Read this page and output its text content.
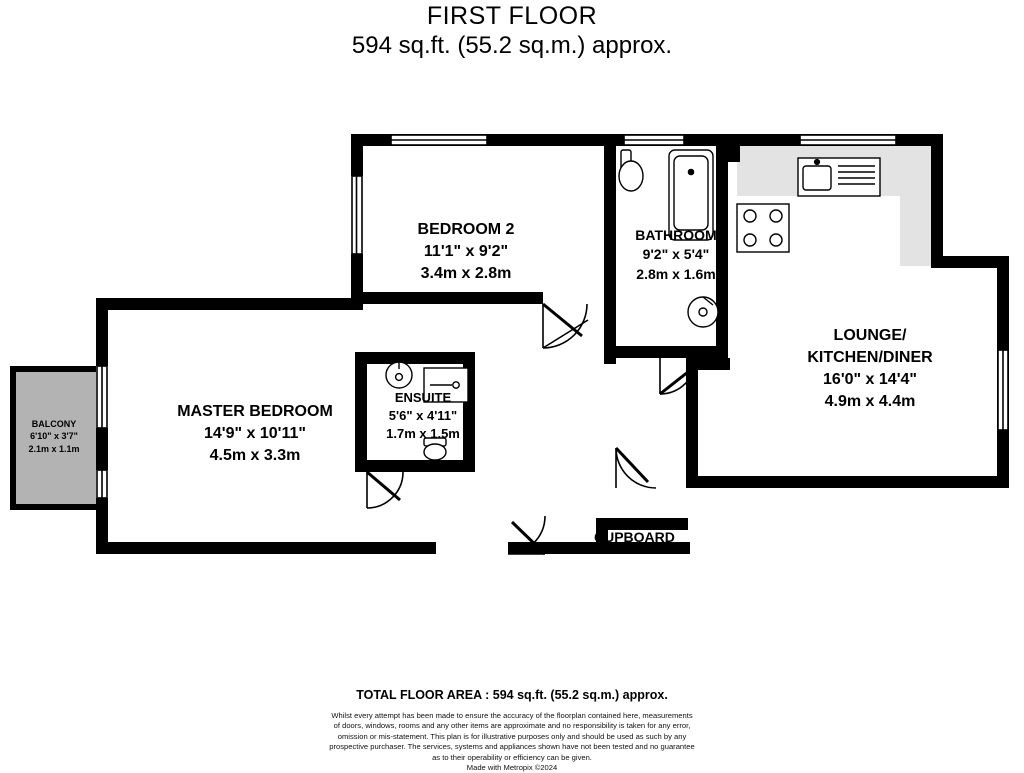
FIRST FLOOR
594 sq.ft. (55.2 sq.m.) approx.
BEDROOM 2
11'1" x 9'2"
3.4m x 2.8m
BATHROOM
9'2" x 5'4"
2.8m x 1.6m
LOUNGE/
KITCHEN/DINER
16'0" x 14'4"
4.9m x 4.4m
MASTER BEDROOM
14'9" x 10'11"
4.5m x 3.3m
ENSUITE
5'6" x 4'11"
1.7m x 1.5m
BALCONY
6'10" x 3'7"
2.1m x 1.1m
CUPBOARD
TOTAL FLOOR AREA : 594 sq.ft. (55.2 sq.m.) approx.
Whilst every attempt has been made to ensure the accuracy of the floorplan contained here, measurements
of doors, windows, rooms and any other items are approximate and no responsibility is taken for any error,
omission or mis-statement. This plan is for illustrative purposes only and should be used as such by any
prospective purchaser. The services, systems and appliances shown have not been tested and no guarantee
as to their operability or efficiency can be given.
Made with Metropix ©2024
